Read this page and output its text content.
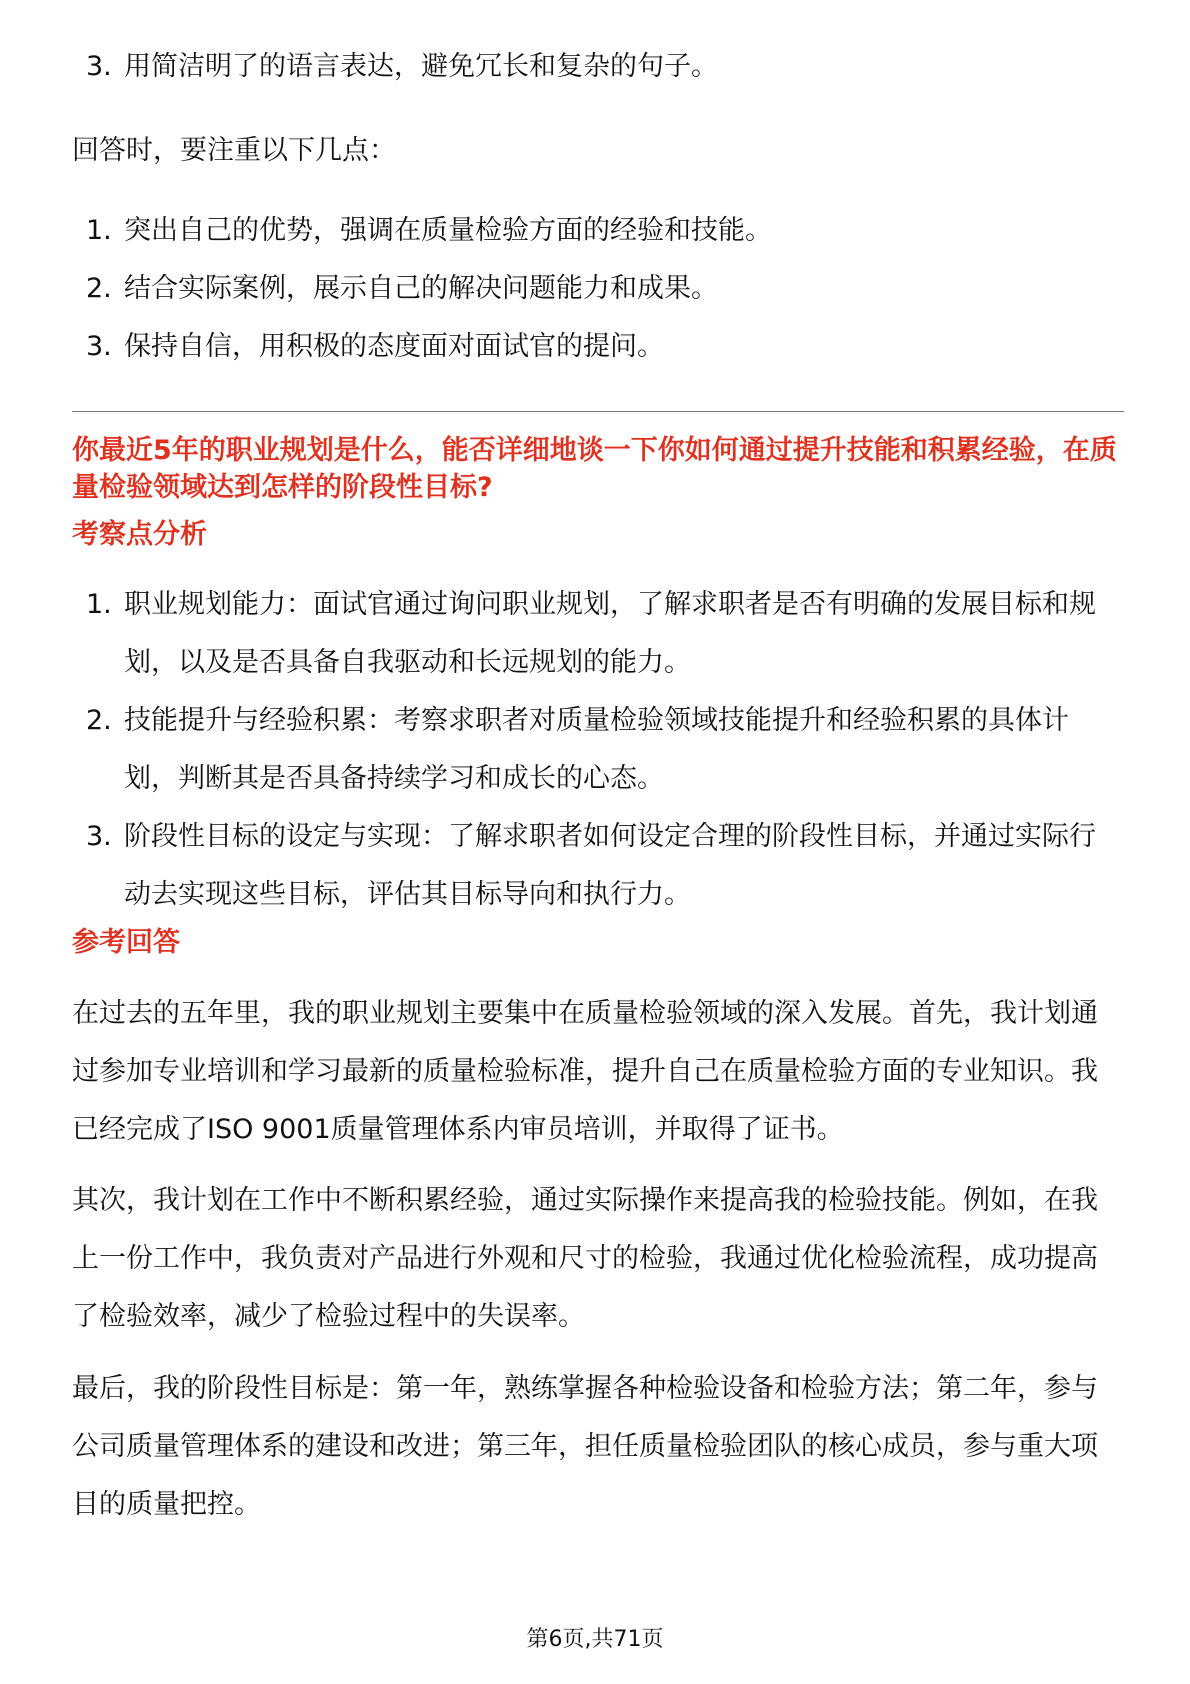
3. 用简洁明了的语言表达，避免冗长和复杂的句子。
回答时，要注重以下几点：
1. 突出自己的优势，强调在质量检验方面的经验和技能。
2. 结合实际案例，展示自己的解决问题能力和成果。
3. 保持自信，用积极的态度面对面试官的提问。
你最近5年的职业规划是什么，能否详细地谈一下你如何通过提升技能和积累经验，在质量检验领域达到怎样的阶段性目标?
考察点分析
1. 职业规划能力：面试官通过询问职业规划，了解求职者是否有明确的发展目标和规划，以及是否具备自我驱动和长远规划的能力。
2. 技能提升与经验积累：考察求职者对质量检验领域技能提升和经验积累的具体计划，判断其是否具备持续学习和成长的心态。
3. 阶段性目标的设定与实现：了解求职者如何设定合理的阶段性目标，并通过实际行动去实现这些目标，评估其目标导向和执行力。
参考回答
在过去的五年里，我的职业规划主要集中在质量检验领域的深入发展。首先，我计划通过参加专业培训和学习最新的质量检验标准，提升自己在质量检验方面的专业知识。我已经完成了ISO 9001质量管理体系内审员培训，并取得了证书。
其次，我计划在工作中不断积累经验，通过实际操作来提高我的检验技能。例如，在我上一份工作中，我负责对产品进行外观和尺寸的检验，我通过优化检验流程，成功提高了检验效率，减少了检验过程中的失误率。
最后，我的阶段性目标是：第一年，熟练掌握各种检验设备和检验方法；第二年，参与公司质量管理体系的建设和改进；第三年，担任质量检验团队的核心成员，参与重大项目的质量把控。
第6页,共71页
